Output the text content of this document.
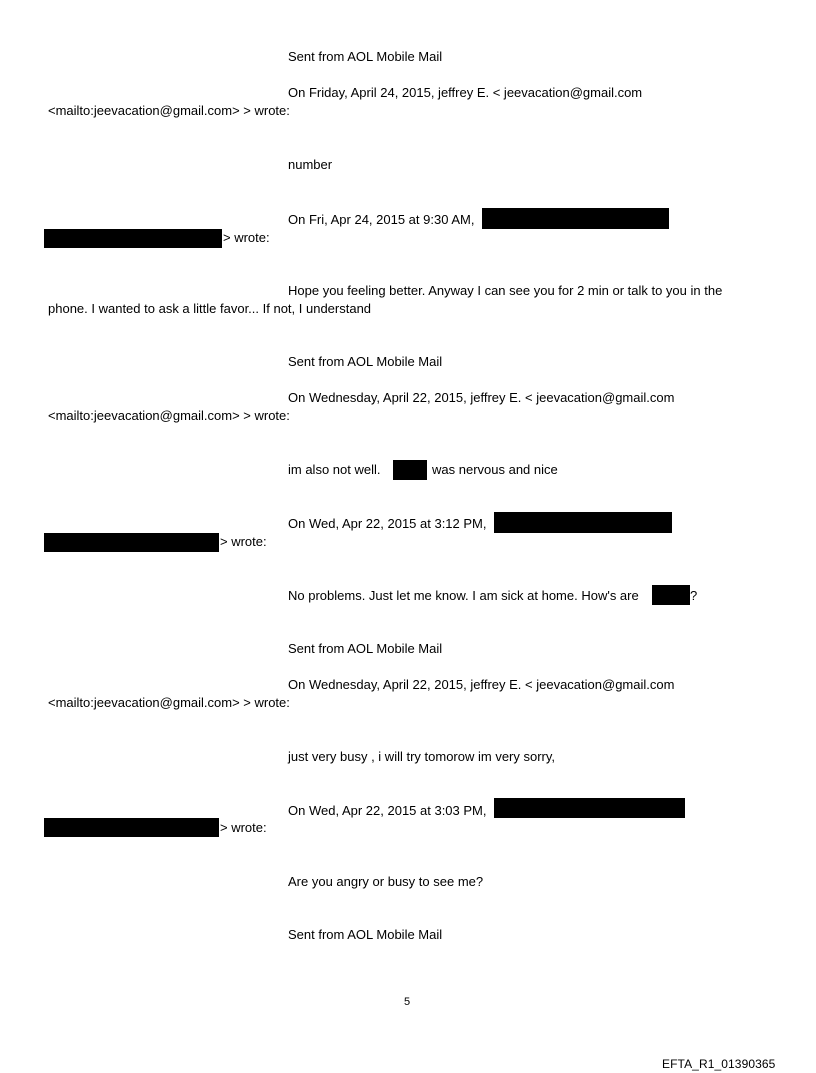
Sent from AOL Mobile Mail
On Friday, April 24, 2015, jeffrey E. < jeevacation@gmail.com
<mailto:jeevacation@gmail.com> > wrote:
number
On Fri, Apr 24, 2015 at 9:30 AM,
> wrote:
Hope you feeling better. Anyway I can see you for 2 min or talk to you in the
phone. I wanted to ask a little favor... If not, I understand
Sent from AOL Mobile Mail
On Wednesday, April 22, 2015, jeffrey E. < jeevacation@gmail.com
<mailto:jeevacation@gmail.com> > wrote:
im also not well.	was nervous and nice
On Wed, Apr 22, 2015 at 3:12 PM,
> wrote:
No problems. Just let me know. I am sick at home. How's are	?
Sent from AOL Mobile Mail
On Wednesday, April 22, 2015, jeffrey E. < jeevacation@gmail.com
<mailto:jeevacation@gmail.com> > wrote:
just very busy , i will try tomorow im very sorry,
On Wed, Apr 22, 2015 at 3:03 PM,
> wrote:
Are you angry or busy to see me?
Sent from AOL Mobile Mail
5
EFTA_R1_01390365
